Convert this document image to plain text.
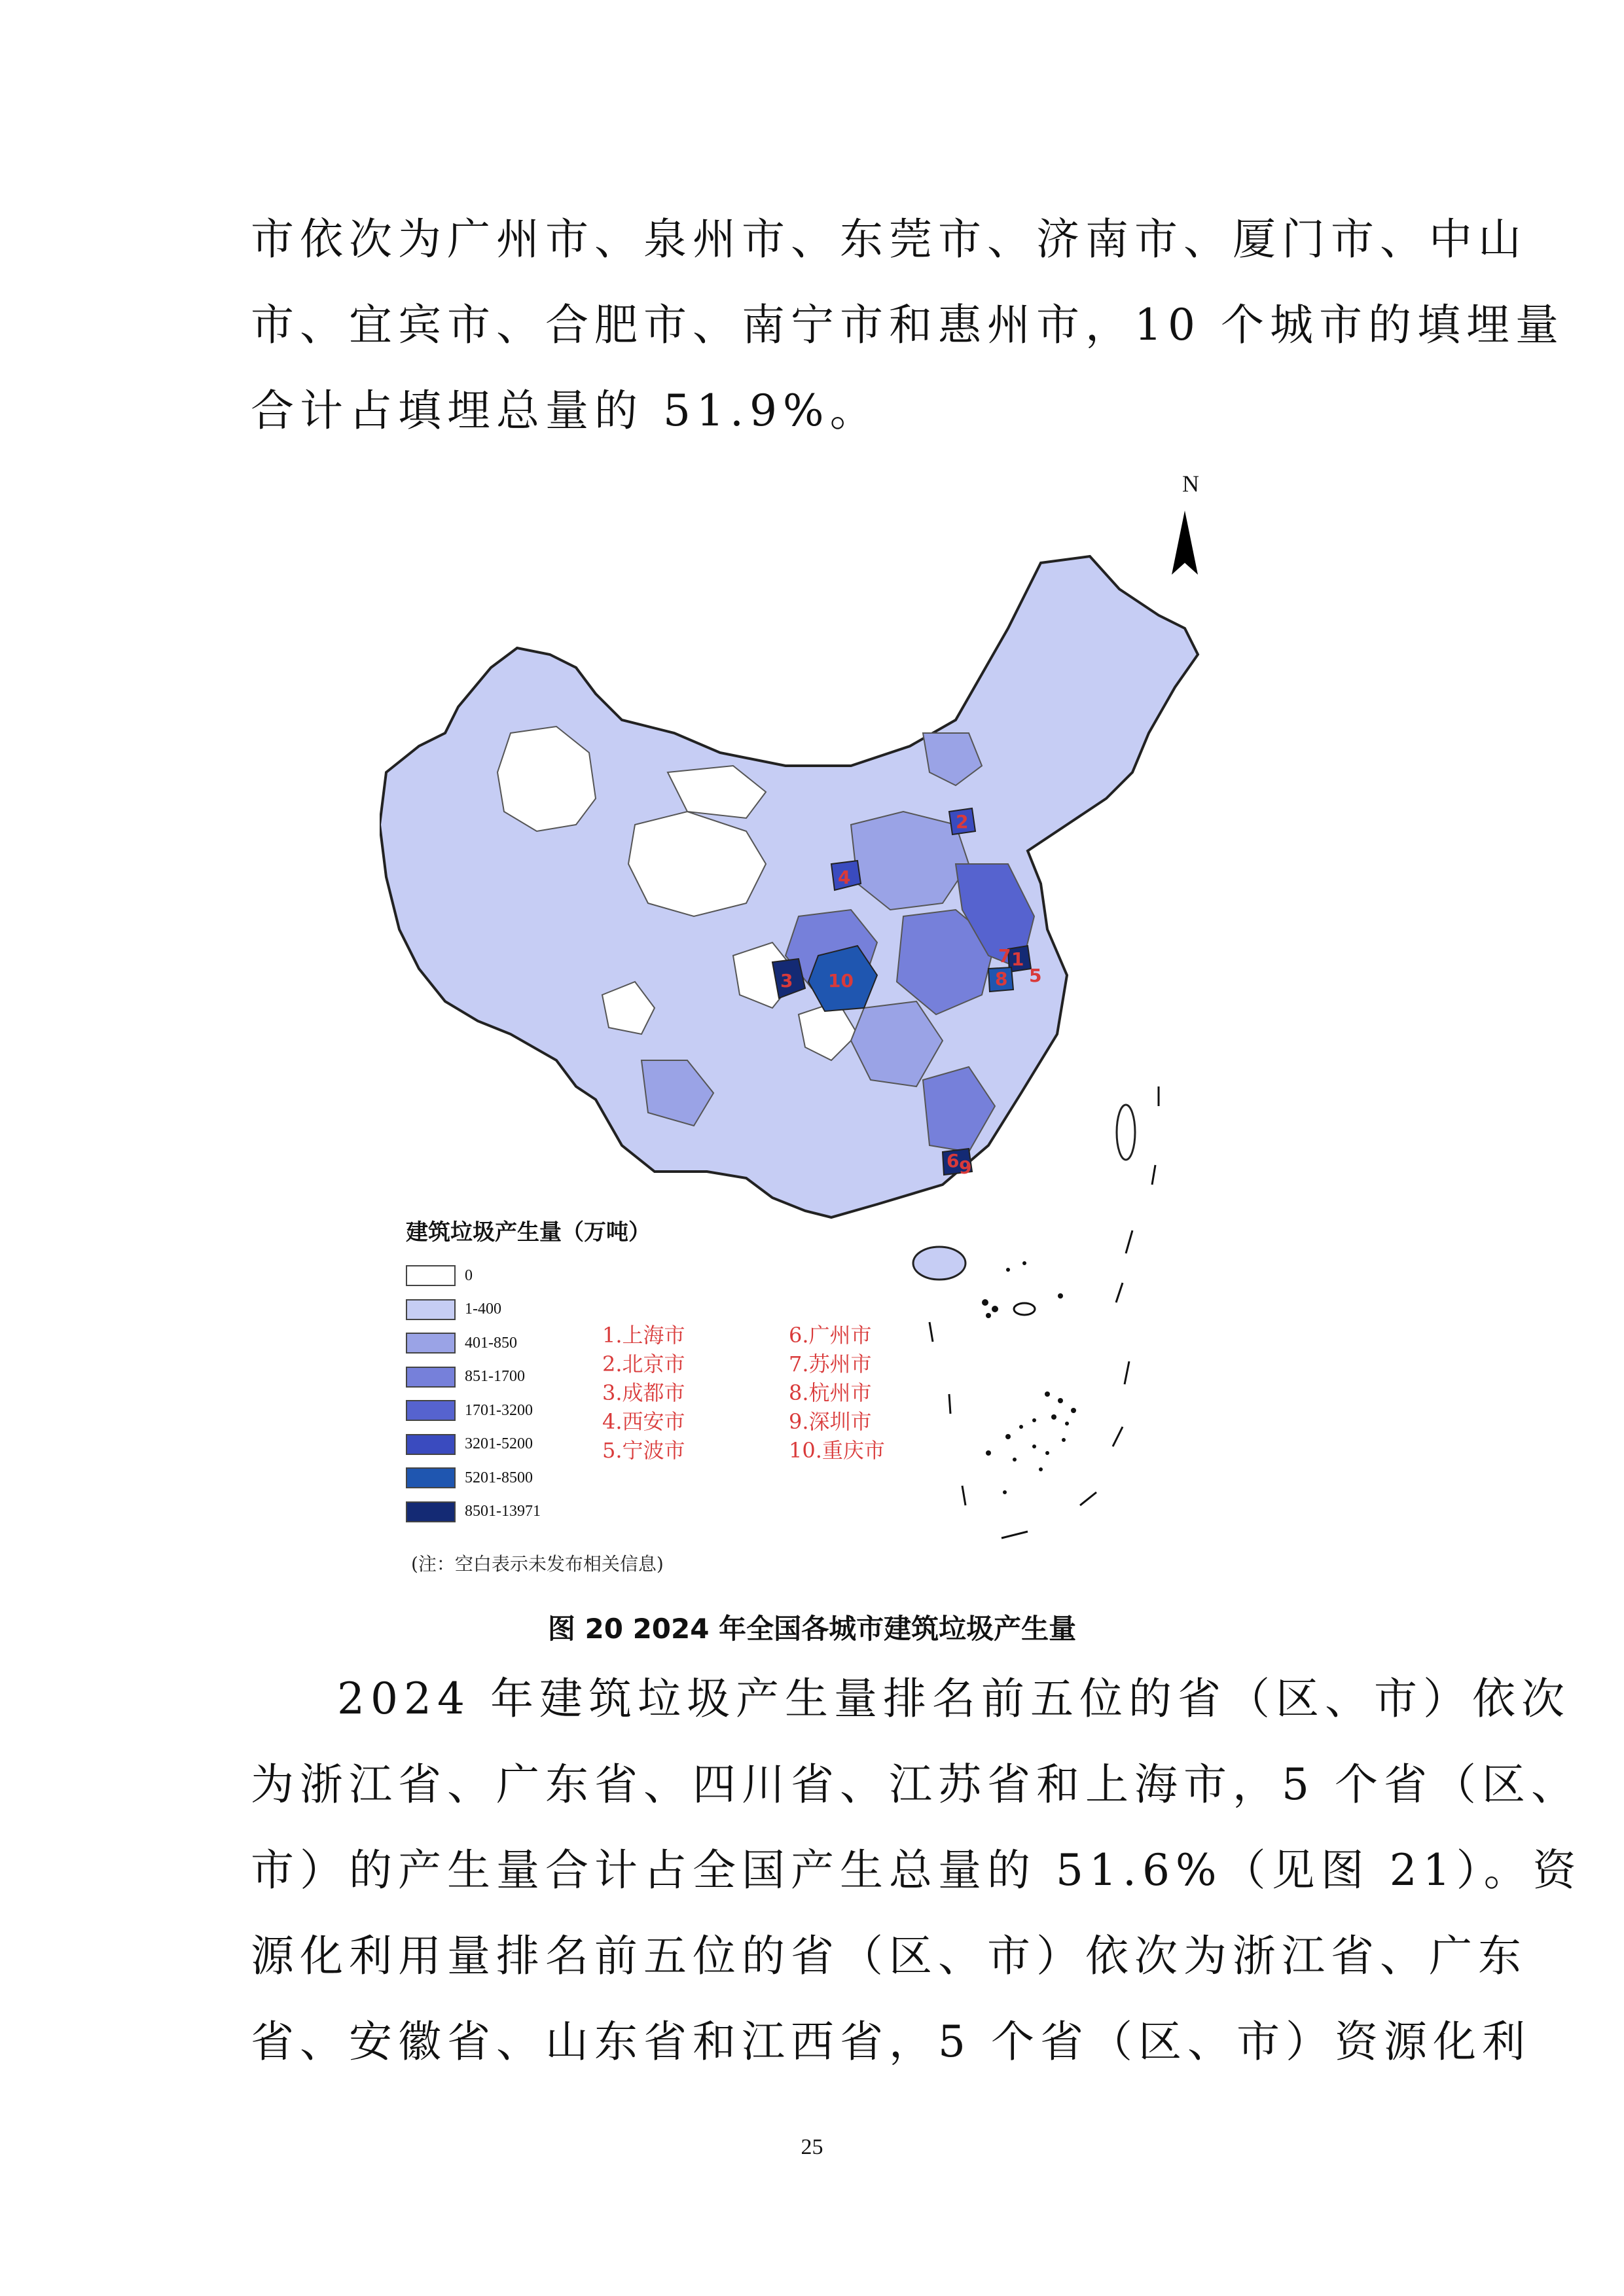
市依次为广州市、泉州市、东莞市、济南市、厦门市、中山
市、宜宾市、合肥市、南宁市和惠州市，10 个城市的填埋量
合计占填埋总量的 51.9%。
1
2
3
4
5
6
7
8
9
10
N
建筑垃圾产生量（万吨）
0
1-400
401-850
851-1700
1701-3200
3201-5200
5201-8500
8501-13971
1.上海市
2.北京市
3.成都市
4.西安市
5.宁波市
6.广州市
7.苏州市
8.杭州市
9.深圳市
10.重庆市
(注：空白表示未发布相关信息)
图 20 2024 年全国各城市建筑垃圾产生量
2024 年建筑垃圾产生量排名前五位的省（区、市）依次
为浙江省、广东省、四川省、江苏省和上海市，5 个省（区、
市）的产生量合计占全国产生总量的 51.6%（见图 21）。资
源化利用量排名前五位的省（区、市）依次为浙江省、广东
省、安徽省、山东省和江西省，5 个省（区、市）资源化利
25
